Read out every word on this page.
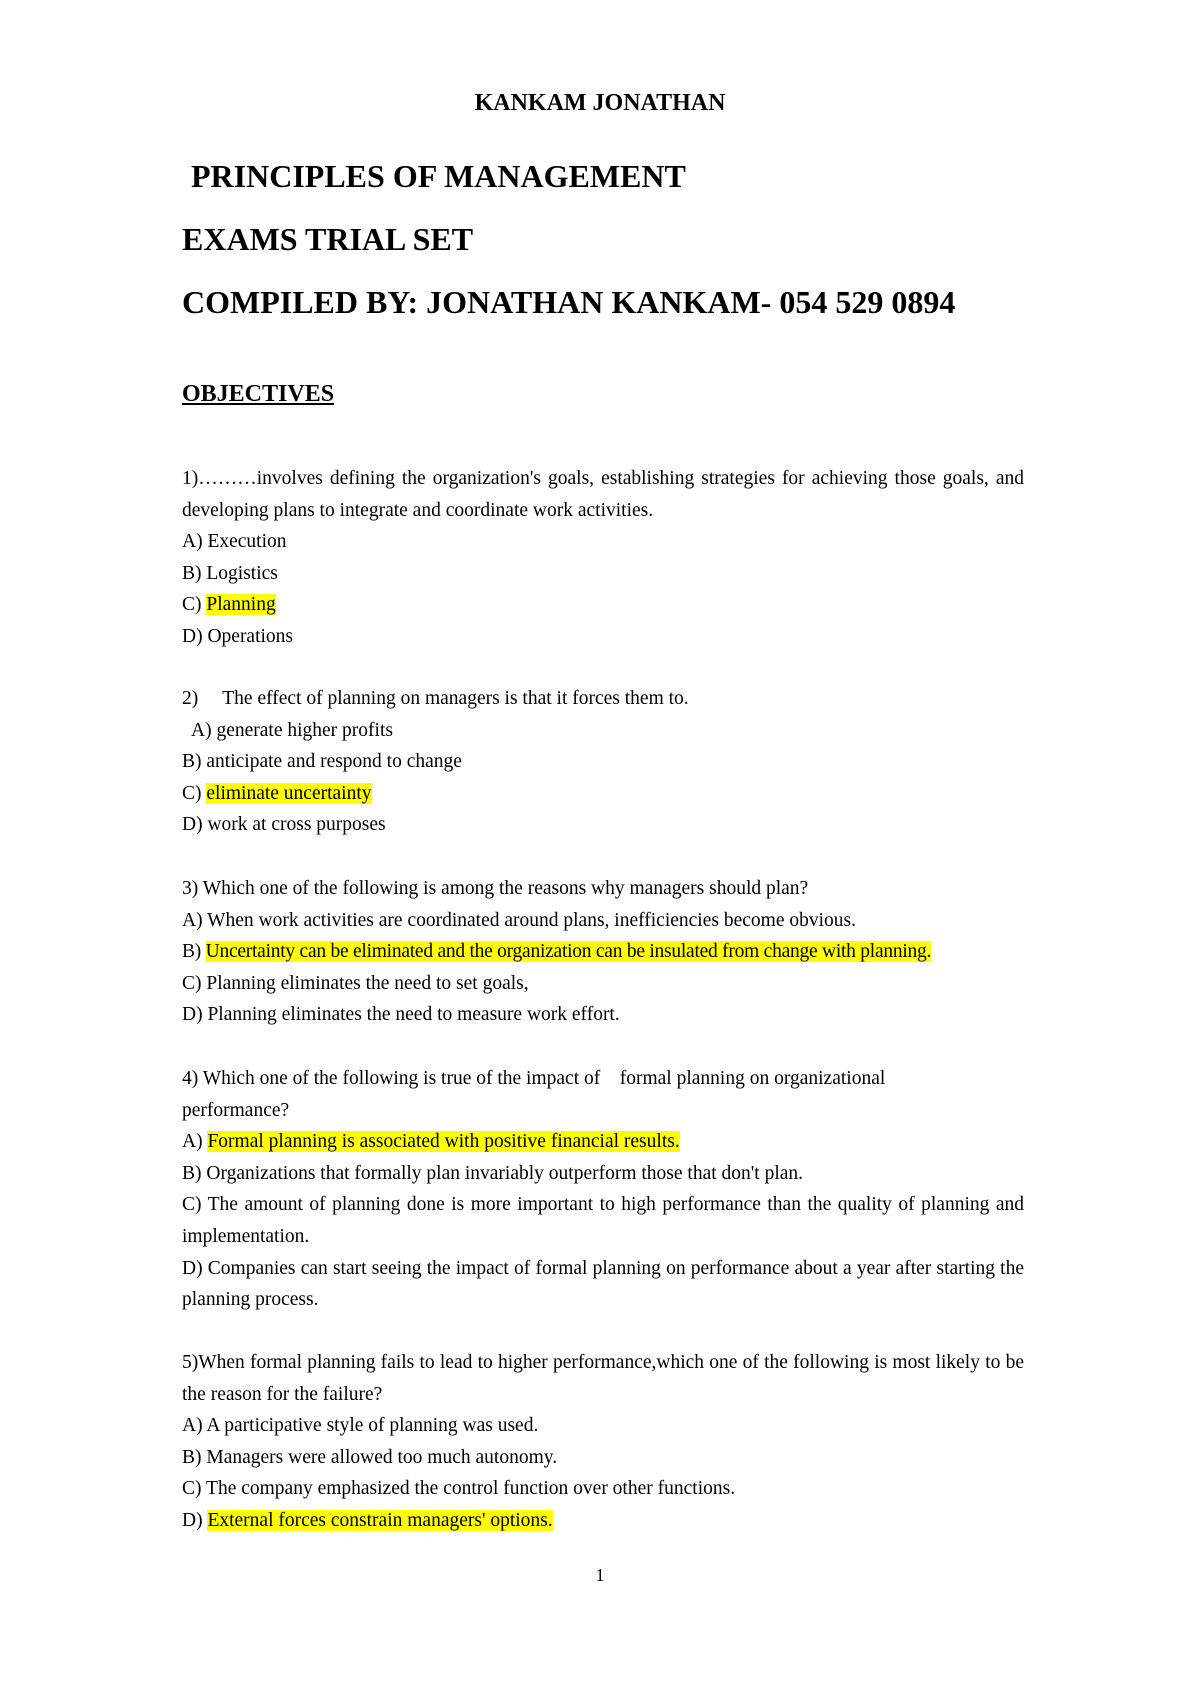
KANKAM JONATHAN
PRINCIPLES OF MANAGEMENT
EXAMS TRIAL SET
COMPILED BY: JONATHAN KANKAM- 054 529 0894
OBJECTIVES

1)………involves defining the organization's goals, establishing strategies for achieving those goals, and developing plans to integrate and coordinate work activities.

A) Execution
B) Logistics
C) Planning
D) Operations

2)     The effect of planning on managers is that it forces them to.

A) generate higher profits
B) anticipate and respond to change
C) eliminate uncertainty
D) work at cross purposes

3) Which one of the following is among the reasons why managers should plan?

A) When work activities are coordinated around plans, inefficiencies become obvious.
B) Uncertainty can be eliminated and the organization can be insulated from change with planning.
C) Planning eliminates the need to set goals,
D) Planning eliminates the need to measure work effort.

4) Which one of the following is true of the impact of    formal planning on organizational performance?

A) Formal planning is associated with positive financial results.
B) Organizations that formally plan invariably outperform those that don't plan.

C) The amount of planning done is more important to high performance than the quality of planning and implementation.

D) Companies can start seeing the impact of formal planning on performance about a year after starting the planning process.

5)When formal planning fails to lead to higher performance,which one of the following is most likely to be the reason for the failure?

A) A participative style of planning was used.
B) Managers were allowed too much autonomy.
C) The company emphasized the control function over other functions.
D) External forces constrain managers' options.
1
